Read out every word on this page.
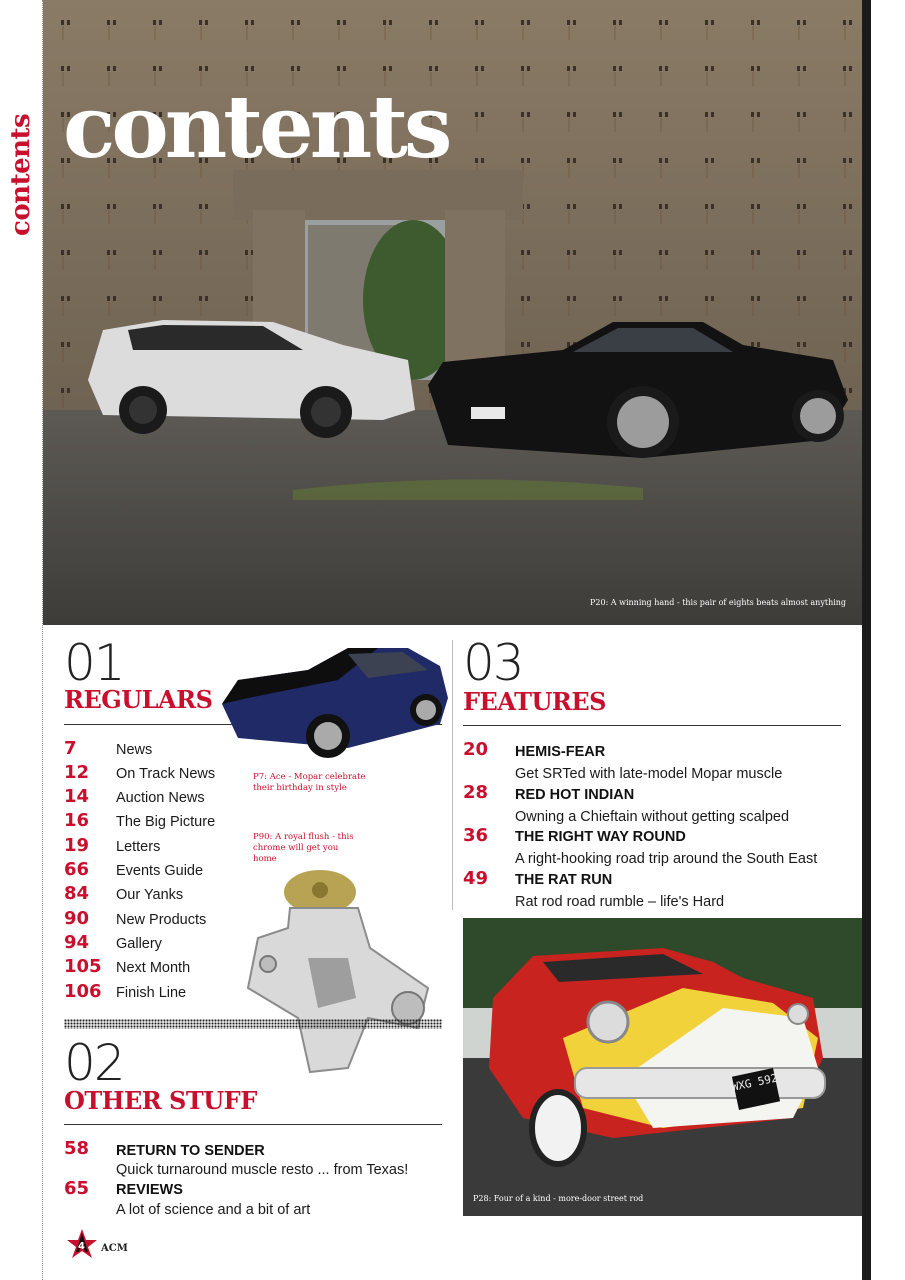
contents contents
P20: A winning hand - this pair of eights beats almost anything
01
REGULARS
P7: Ace - Mopar celebrate their birthday in style
7	News
12 On Track News
14 Auction News
16 The Big Picture
19 Letters
66 Events Guide
84 Our Yanks
90 New Products
94 Gallery
105 Next Month
106 Finish Line
P90: A royal flush - this chrome will get you home
02
OTHER STUFF
58 RETURN TO SENDER
Quick turnaround muscle resto ... from Texas!
65 REVIEWS
A lot of science and a bit of art
03
FEATURES
20 HEMIS-FEAR
Get SRTed with late-model Mopar muscle
28 RED HOT INDIAN
Owning a Chieftain without getting scalped
36 THE RIGHT WAY ROUND
A right-hooking road trip around the South East
49 THE RAT RUN
Rat rod road rumble – life's Hard
WXG 592
P28: Four of a kind - more-door street rod
4 ACM
